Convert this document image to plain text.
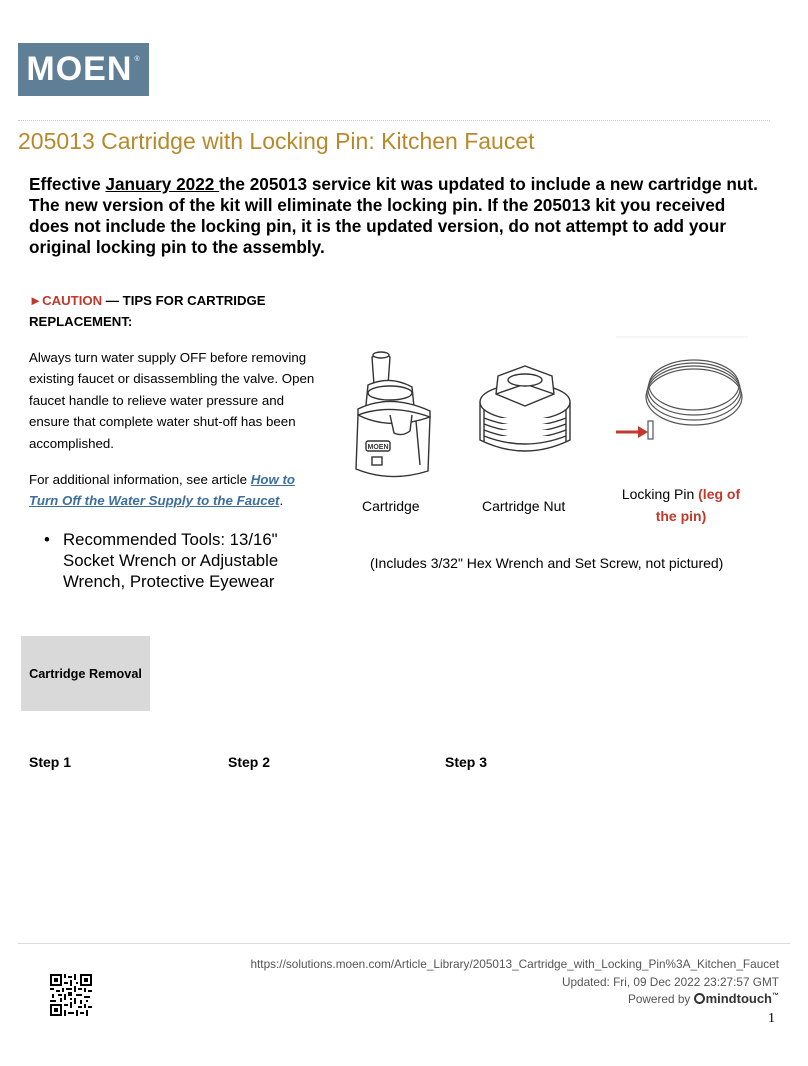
MOEN ®
205013 Cartridge with Locking Pin: Kitchen Faucet
Effective January 2022 the 205013 service kit was updated to include a new cartridge nut. The new version of the kit will eliminate the locking pin. If the 205013 kit you received does not include the locking pin, it is the updated version, do not attempt to add your original locking pin to the assembly.
►CAUTION — TIPS FOR CARTRIDGE REPLACEMENT:
Always turn water supply OFF before removing existing faucet or disassembling the valve. Open faucet handle to relieve water pressure and ensure that complete water shut-off has been accomplished.
For additional information, see article How to Turn Off the Water Supply to the Faucet.
• Recommended Tools: 13/16" Socket Wrench or Adjustable Wrench, Protective Eyewear
MOEN
Cartridge	Cartridge Nut
Locking Pin (leg of the pin)
(Includes 3/32" Hex Wrench and Set Screw, not pictured)
Cartridge Removal
Step 1	Step 2	Step 3
https://solutions.moen.com/Article_Library/205013_Cartridge_with_Locking_Pin%3A_Kitchen_Faucet
Updated: Fri, 09 Dec 2022 23:27:57 GMT
Powered by mindtouch™
1
